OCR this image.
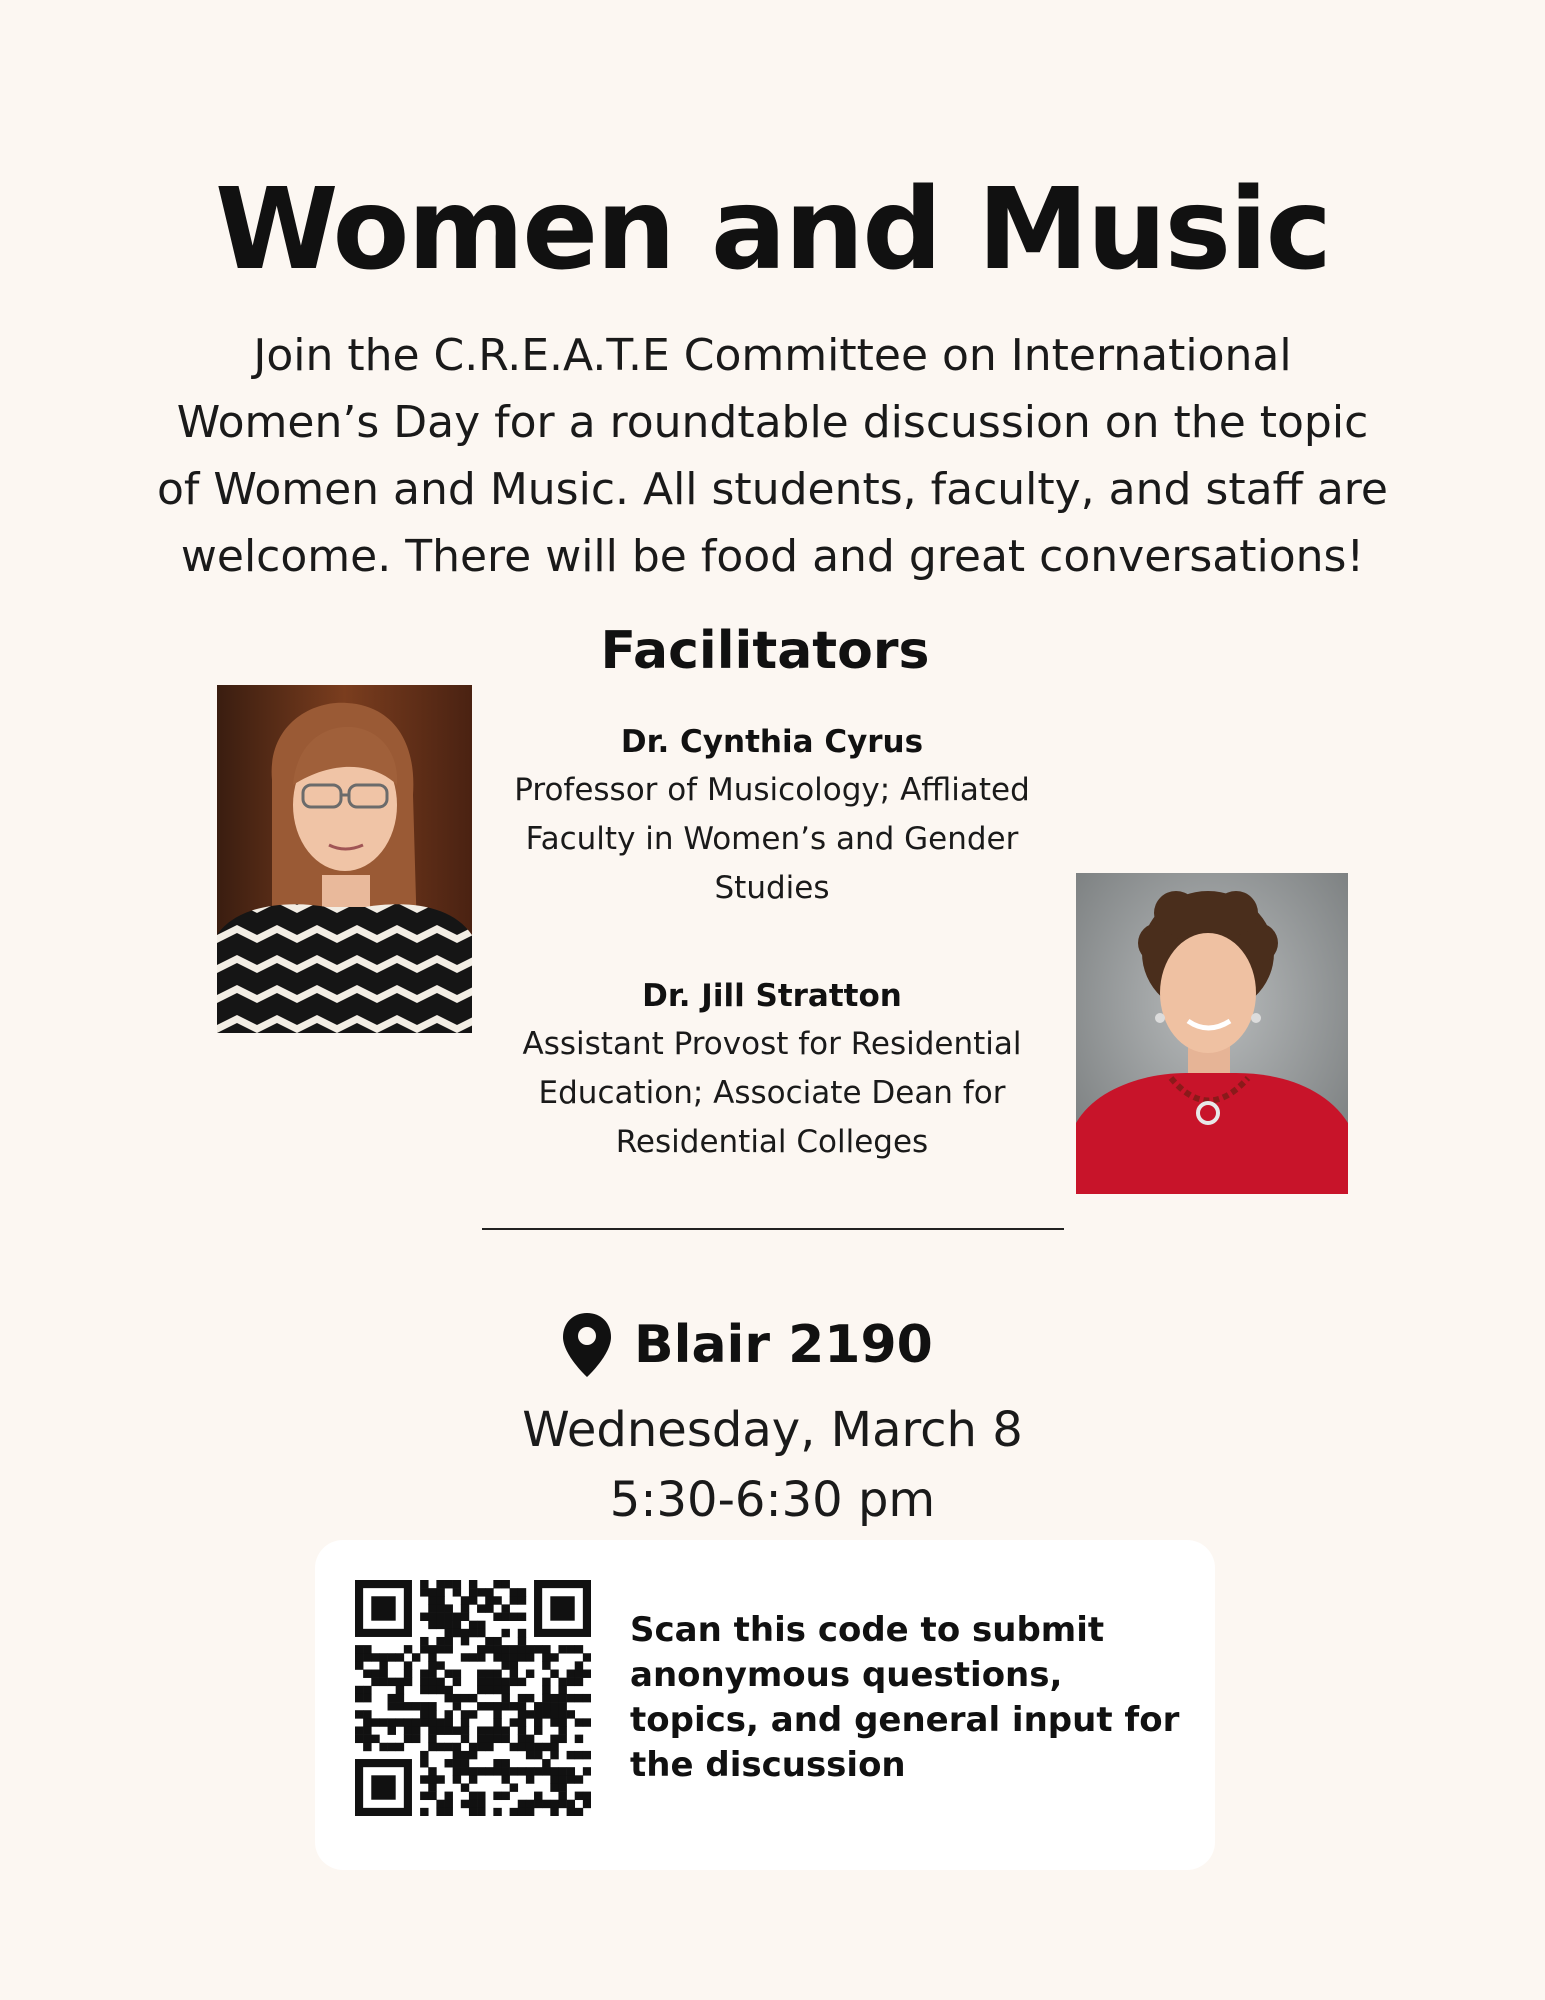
Women and Music

Join the C.R.E.A.T.E Committee on International Women’s Day for a roundtable discussion on the topic of Women and Music. All students, faculty, and staff are welcome. There will be food and great conversations!

Facilitators
Dr. Cynthia Cyrus
Professor of Musicology; Affliated Faculty in Women’s and Gender Studies
Dr. Jill Stratton
Assistant Provost for Residential Education; Associate Dean for Residential Colleges
Blair 2190
Wednesday, March 8
5:30-6:30 pm
Scan this code to submit anonymous questions, topics, and general input for the discussion
